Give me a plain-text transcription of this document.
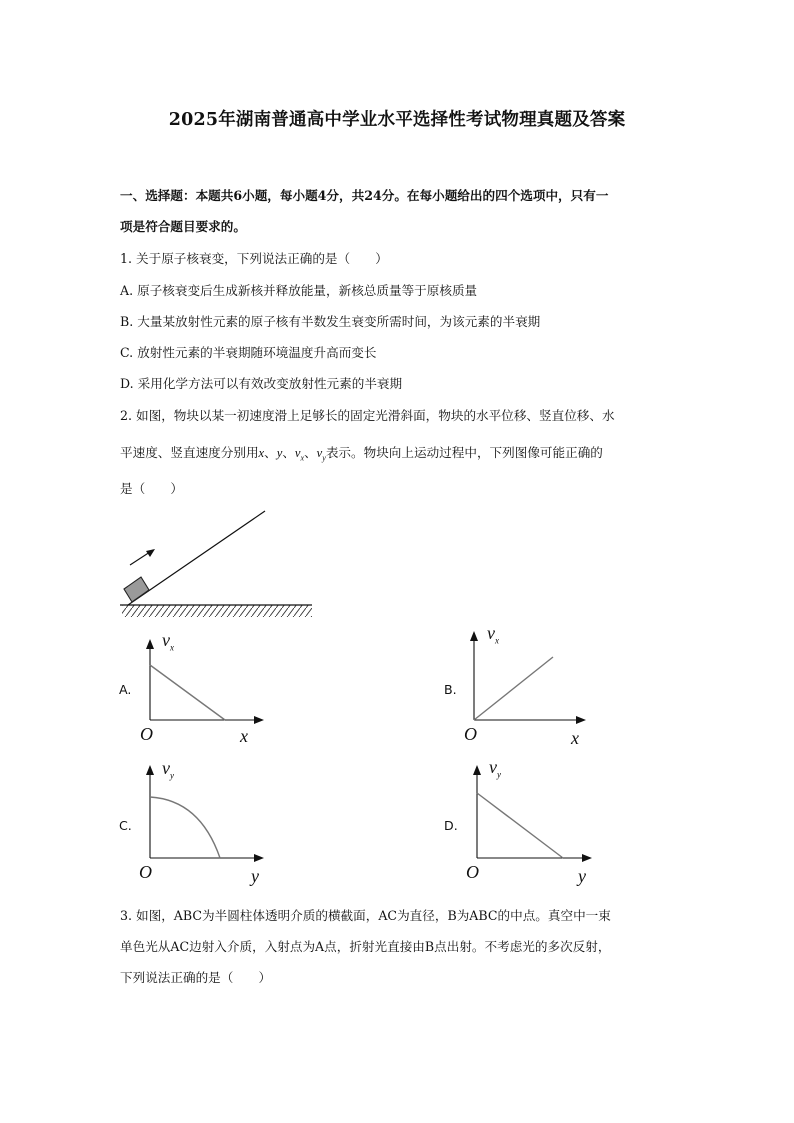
2025年湖南普通高中学业水平选择性考试物理真题及答案
一、选择题：本题共6小题，每小题4分，共24分。在每小题给出的四个选项中，只有一
项是符合题目要求的。
1. 关于原子核衰变，下列说法正确的是（　　）
A. 原子核衰变后生成新核并释放能量，新核总质量等于原核质量
B. 大量某放射性元素的原子核有半数发生衰变所需时间，为该元素的半衰期
C. 放射性元素的半衰期随环境温度升高而变长
D. 采用化学方法可以有效改变放射性元素的半衰期
2. 如图，物块以某一初速度滑上足够长的固定光滑斜面，物块的水平位移、竖直位移、水
平速度、竖直速度分别用x、y、$v_x$、$v_y$表示。物块向上运动过程中，下列图像可能正确的
是（　　）
A.
$v_x$
O	x
B.
$v_x$
O	x
C.
$v_y$
O	y
D.
$v_y$
O	y
3. 如图，ABC为半圆柱体透明介质的横截面，AC为直径，B为ABC的中点。真空中一束
单色光从AC边射入介质，入射点为A点，折射光直接由B点出射。不考虑光的多次反射，
下列说法正确的是（　　）
